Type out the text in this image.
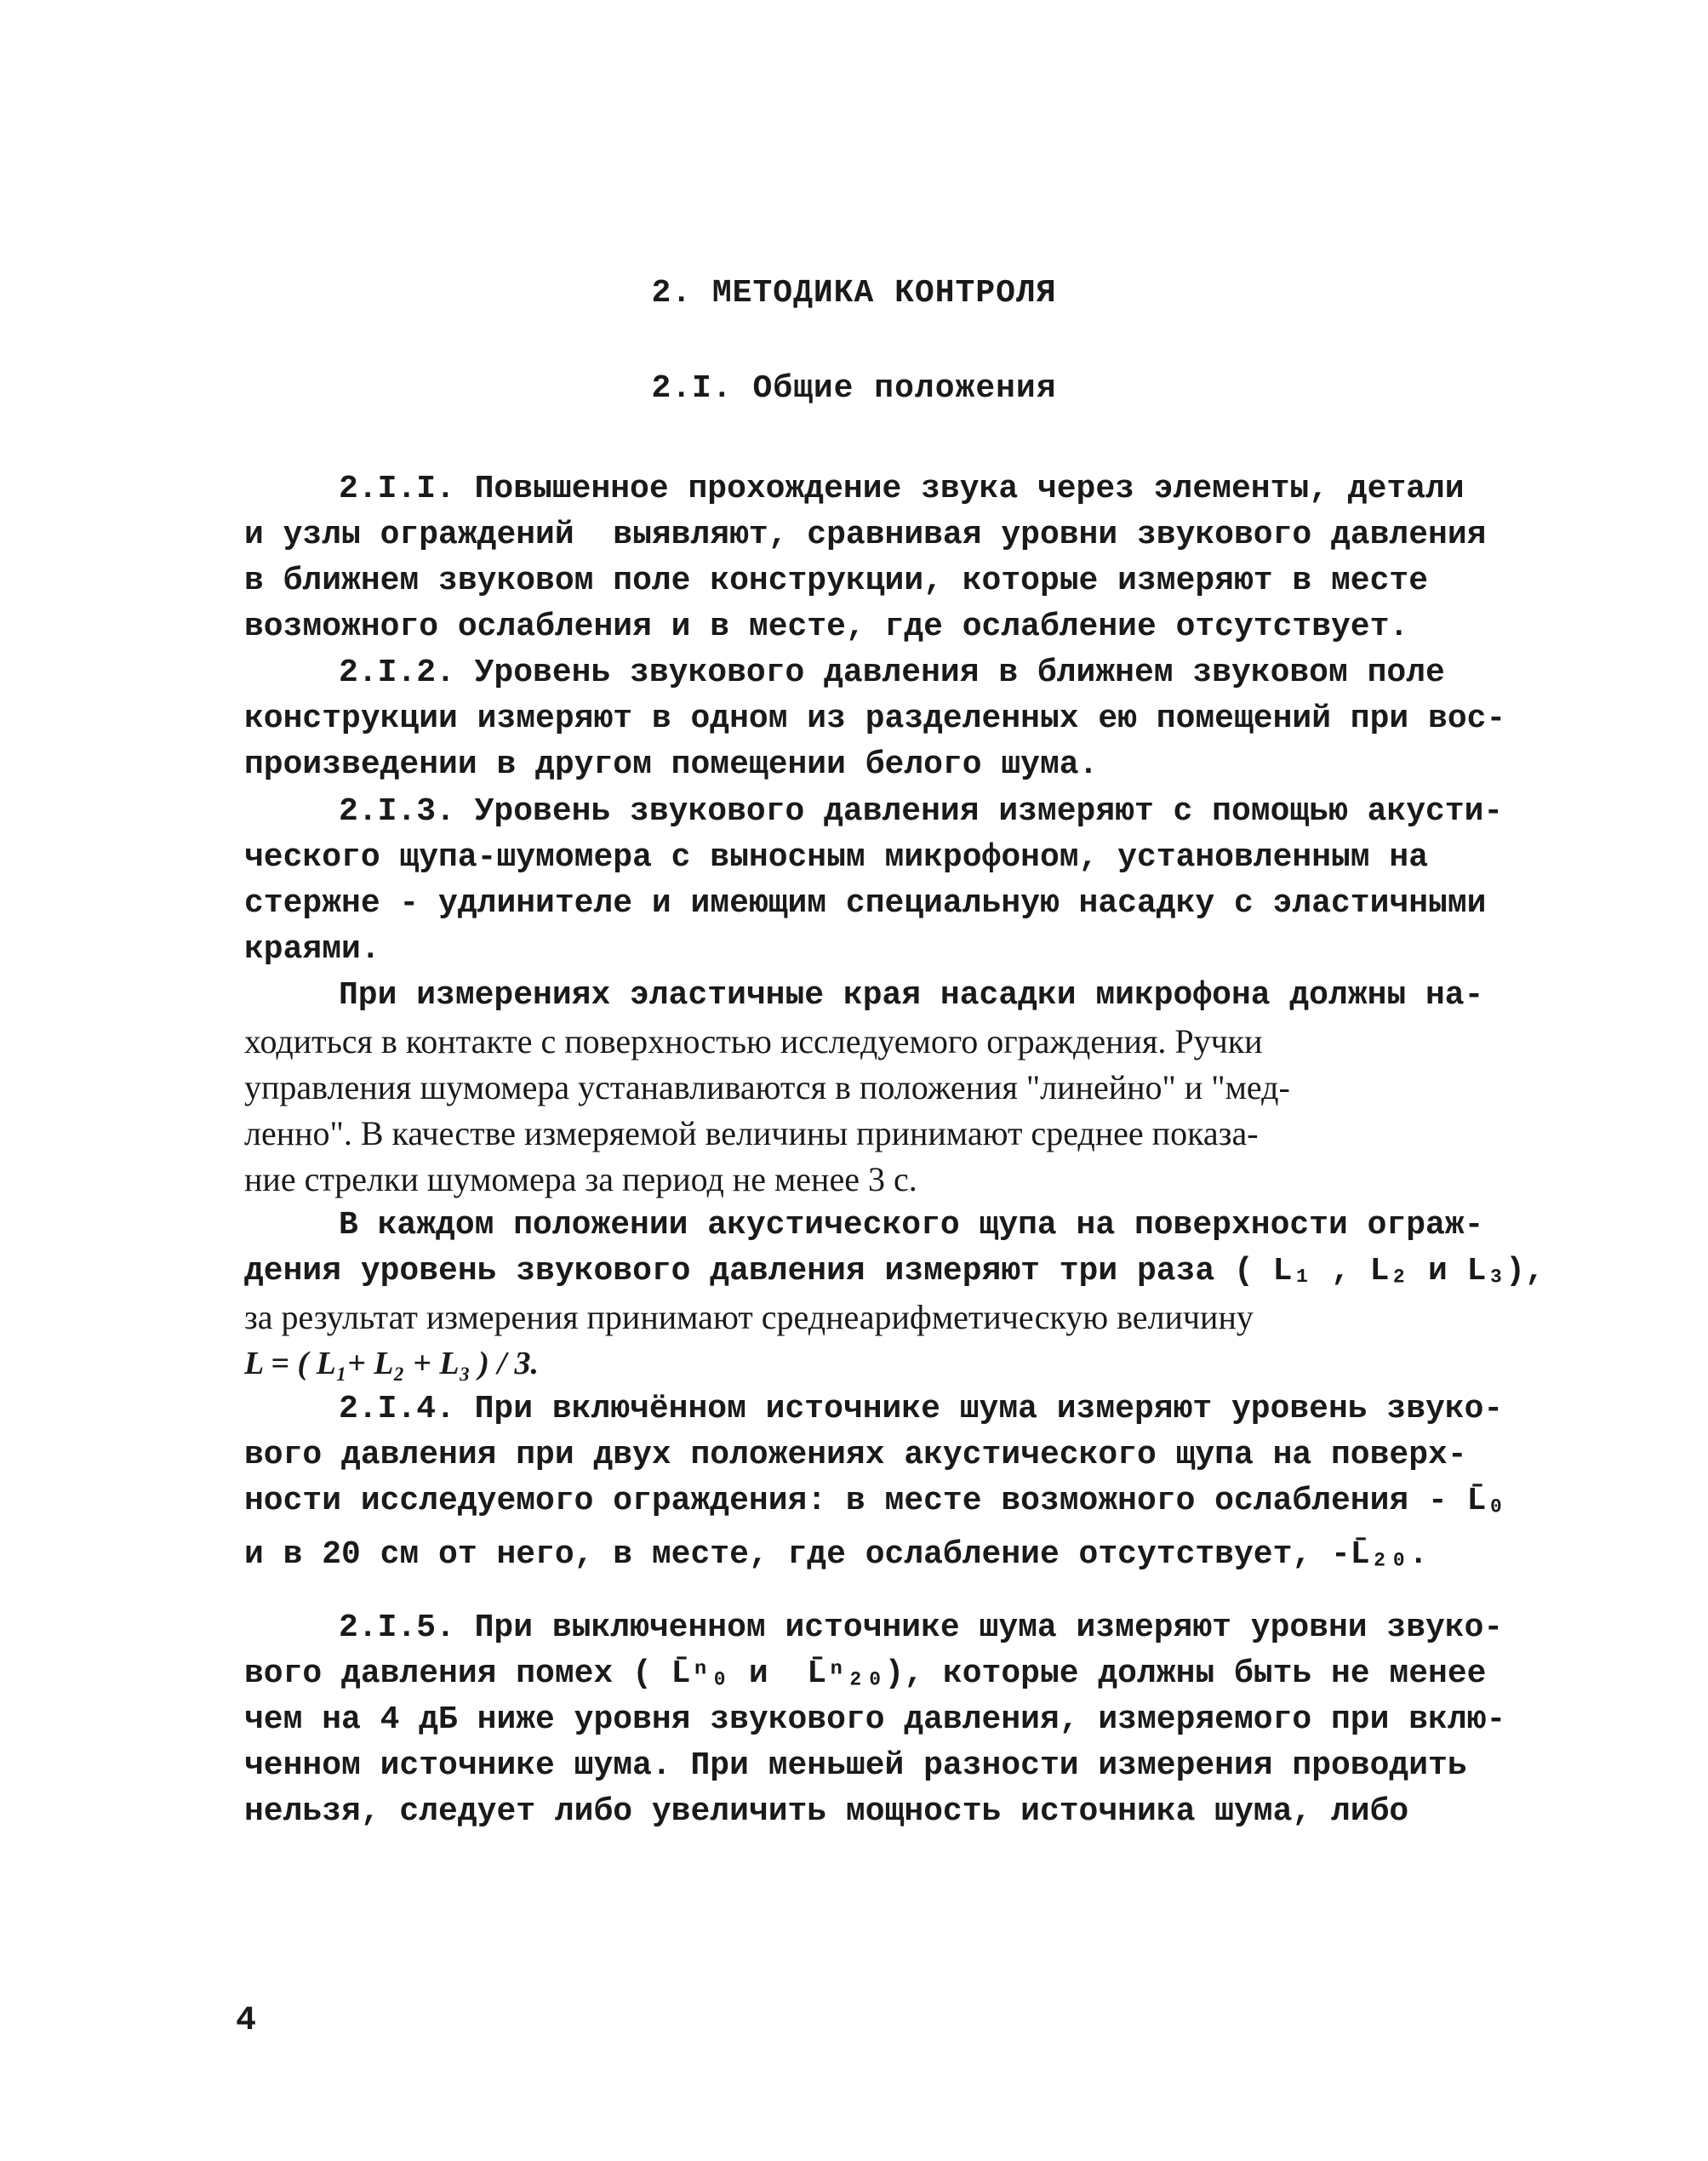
2. МЕТОДИКА КОНТРОЛЯ
2.I. Общие положения
2.I.I. Повышенное прохождение звука через элементы, детали
и узлы ограждений  выявляют, сравнивая уровни звукового давления
в ближнем звуковом поле конструкции, которые измеряют в месте
возможного ослабления и в месте, где ослабление отсутствует.
2.I.2. Уровень звукового давления в ближнем звуковом поле
конструкции измеряют в одном из разделенных ею помещений при вос-
произведении в другом помещении белого шума.
2.I.3. Уровень звукового давления измеряют с помощью акусти-
ческого щупа-шумомера с выносным микрофоном, установленным на
стержне - удлинителе и имеющим специальную насадку с эластичными
краями.
При измерениях эластичные края насадки микрофона должны на-
ходиться в контакте с поверхностью исследуемого ограждения. Ручки
управления шумомера устанавливаются в положения "линейно" и "мед-
ленно". В качестве измеряемой величины принимают среднее показа-
ние стрелки шумомера за период не менее 3 с.
В каждом положении акустического щупа на поверхности ограж-
дения уровень звукового давления измеряют три раза ( L₁ , L₂ и L₃),
за результат измерения принимают среднеарифметическую величину
L = ( L₁+ L₂ + L₃ ) / 3.
2.I.4. При включённом источнике шума измеряют уровень звуко-
вого давления при двух положениях акустического щупа на поверх-
ности исследуемого ограждения: в месте возможного ослабления - L̄₀
и в 20 см от него, в месте, где ослабление отсутствует, -L̄₂₀.
2.I.5. При выключенном источнике шума измеряют уровни звуко-
вого давления помех ( L̄ⁿ₀ и  L̄ⁿ₂₀), которые должны быть не менее
чем на 4 дБ ниже уровня звукового давления, измеряемого при вклю-
ченном источнике шума. При меньшей разности измерения проводить
нельзя, следует либо увеличить мощность источника шума, либо
4
